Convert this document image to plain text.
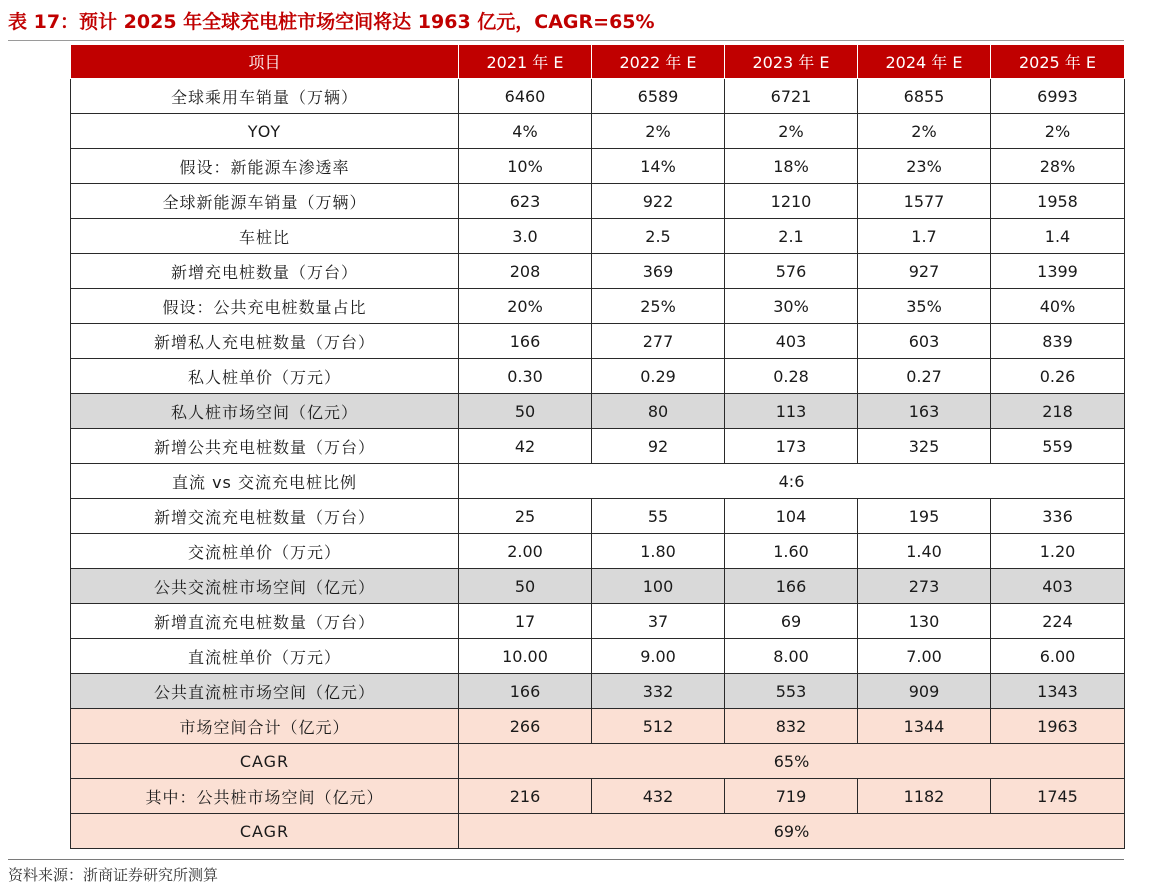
表 17：预计 2025 年全球充电桩市场空间将达 1963 亿元，CAGR=65%
项目	2021 年 E	2022 年 E	2023 年 E	2024 年 E	2025 年 E
全球乘用车销量（万辆）	6460	6589	6721	6855	6993
YOY	4%	2%	2%	2%	2%
假设：新能源车渗透率	10%	14%	18%	23%	28%
全球新能源车销量（万辆）	623	922	1210	1577	1958
车桩比	3.0	2.5	2.1	1.7	1.4
新增充电桩数量（万台）	208	369	576	927	1399
假设：公共充电桩数量占比	20%	25%	30%	35%	40%
新增私人充电桩数量（万台）	166	277	403	603	839
私人桩单价（万元）	0.30	0.29	0.28	0.27	0.26
私人桩市场空间（亿元）	50	80	113	163	218
新增公共充电桩数量（万台）	42	92	173	325	559
直流 vs 交流充电桩比例	4:6				
新增交流充电桩数量（万台）	25	55	104	195	336
交流桩单价（万元）	2.00	1.80	1.60	1.40	1.20
公共交流桩市场空间（亿元）	50	100	166	273	403
新增直流充电桩数量（万台）	17	37	69	130	224
直流桩单价（万元）	10.00	9.00	8.00	7.00	6.00
公共直流桩市场空间（亿元）	166	332	553	909	1343
市场空间合计（亿元）	266	512	832	1344	1963
CAGR	65%				
其中：公共桩市场空间（亿元）	216	432	719	1182	1745
CAGR	69%				
资料来源：浙商证券研究所测算
